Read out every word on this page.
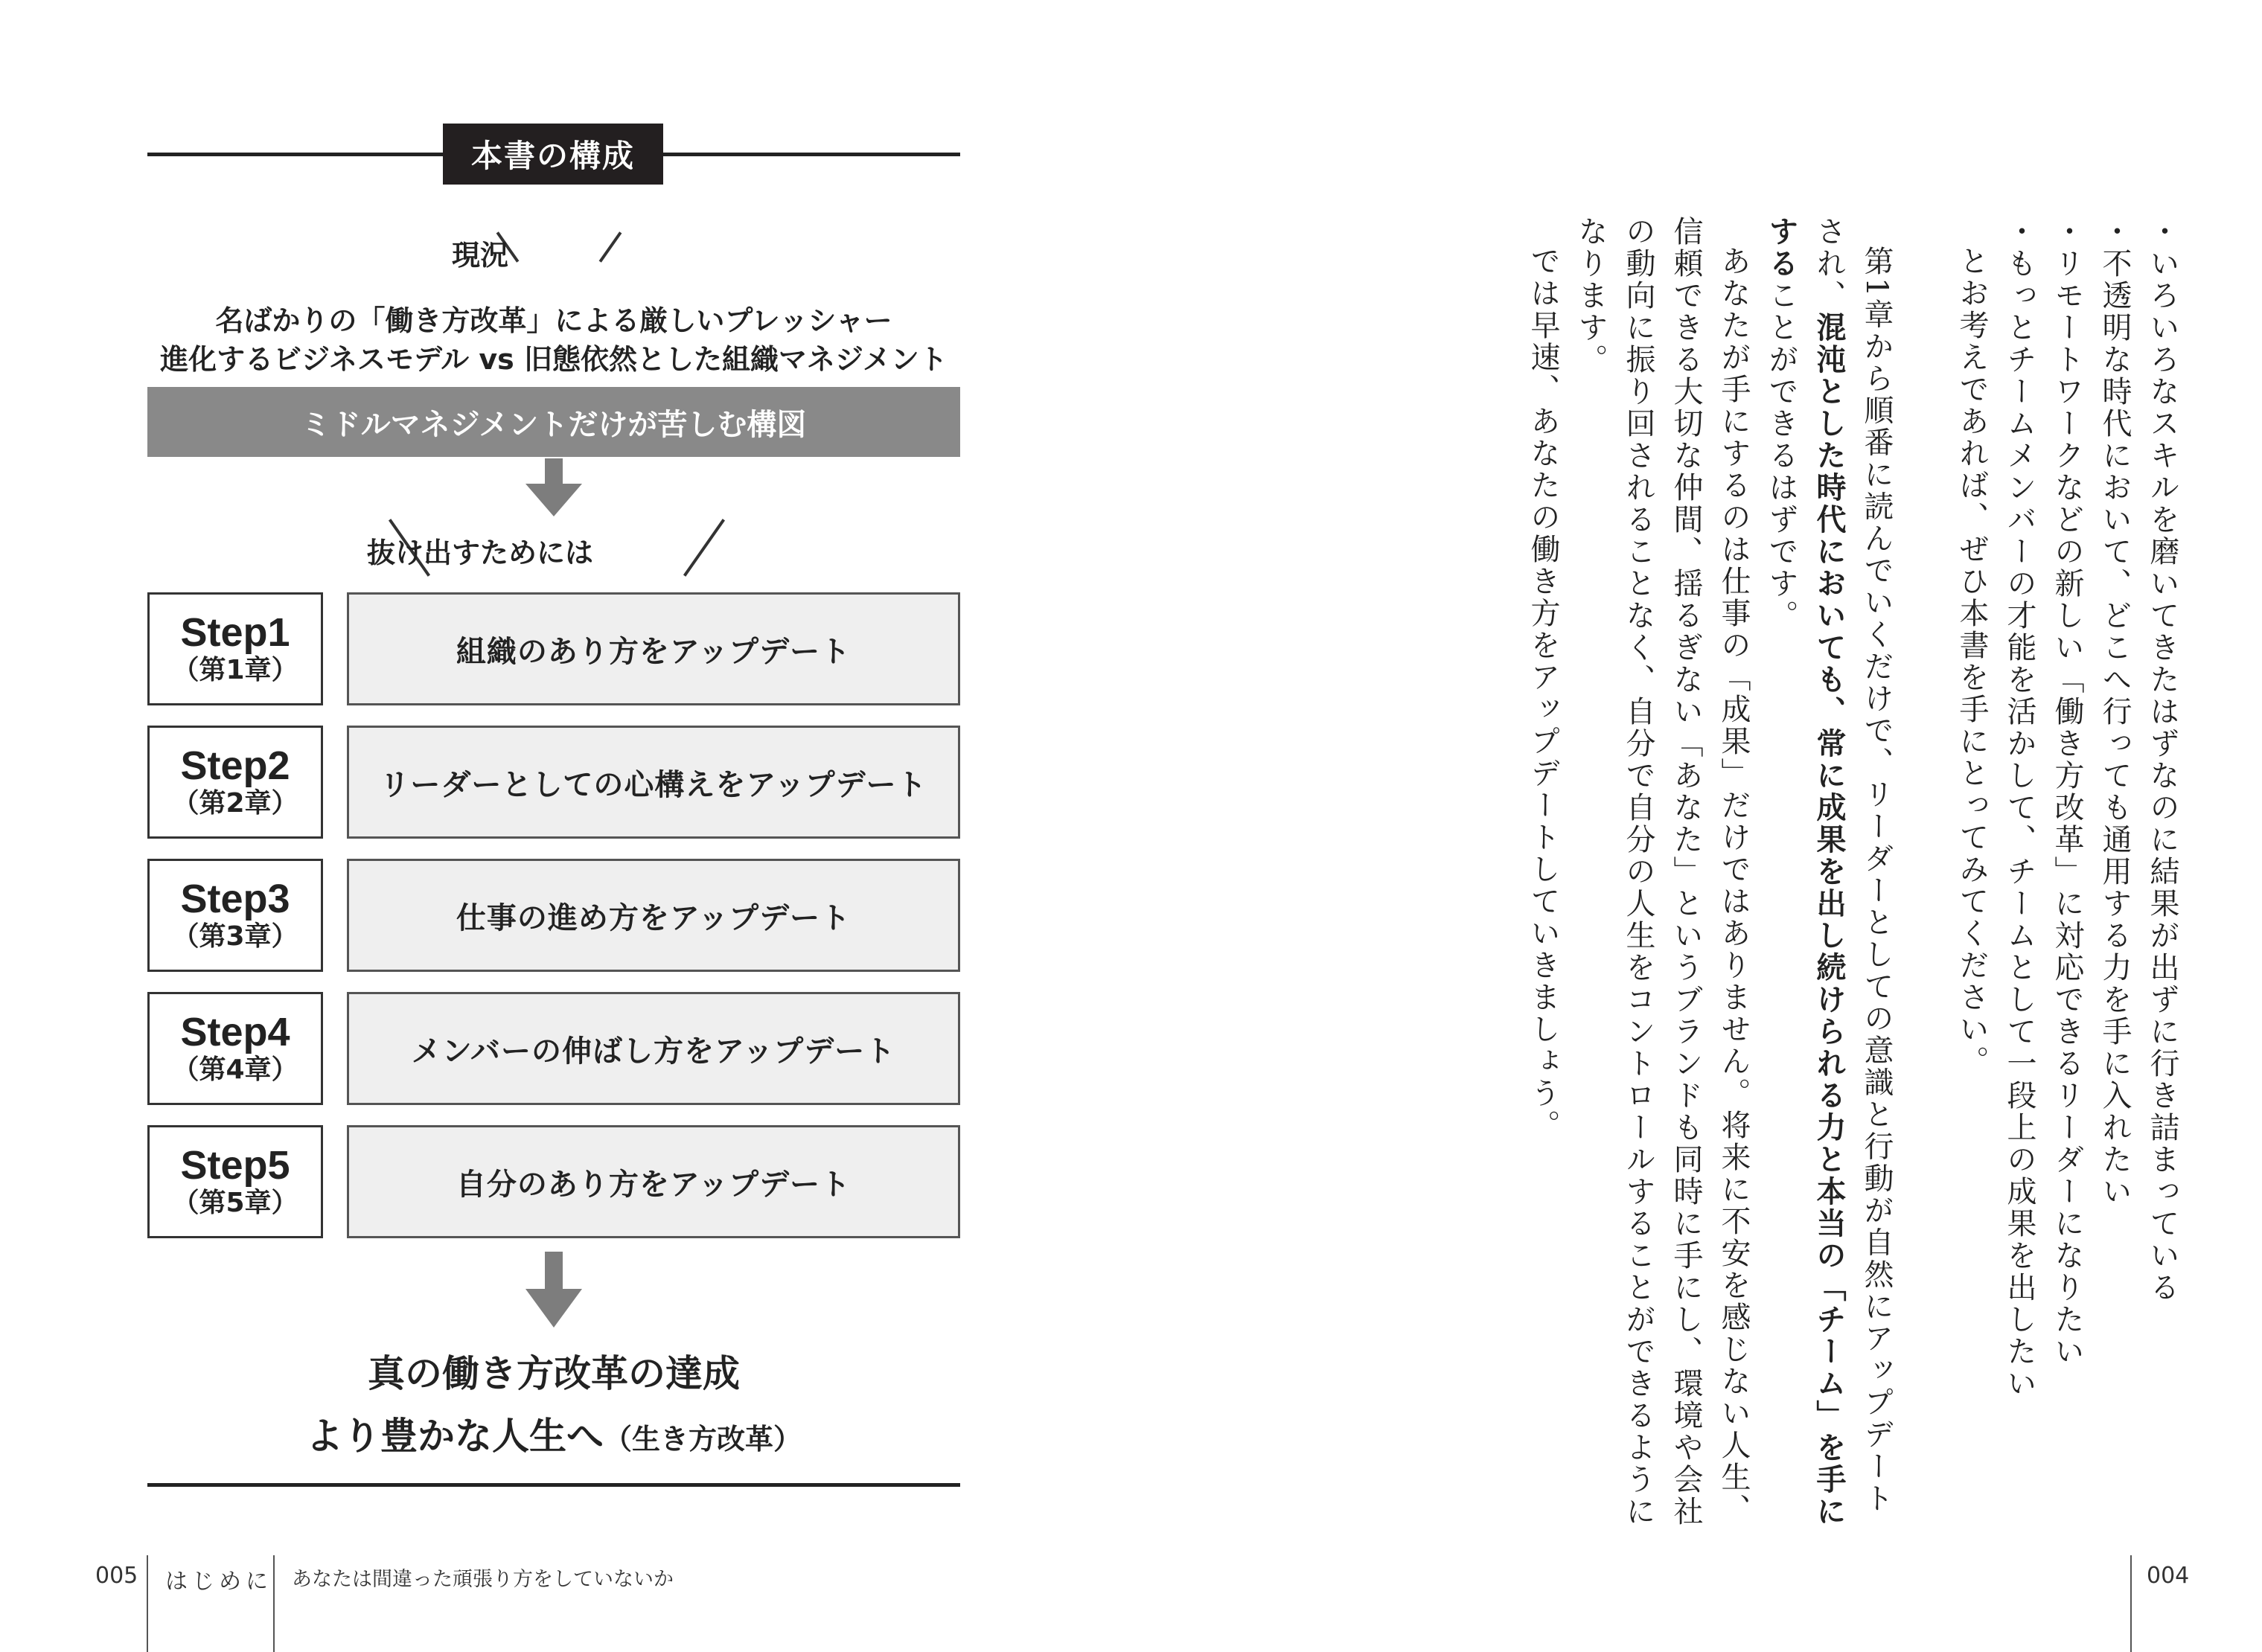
本書の構成
現況
名ばかりの「働き方改革」による厳しいプレッシャー
進化するビジネスモデル vs 旧態依然とした組織マネジメント
ミドルマネジメントだけが苦しむ構図
抜け出すためには
Step1
（第1章）
組織のあり方をアップデート
Step2
（第2章）
リーダーとしての心構えをアップデート
Step3
（第3章）
仕事の進め方をアップデート
Step4
（第4章）
メンバーの伸ばし方をアップデート
Step5
（第5章）
自分のあり方をアップデート
真の働き方改革の達成
より豊かな人生へ（生き方改革）
・いろいろなスキルを磨いてきたはずなのに結果が出ずに行き詰まっている
・不透明な時代において、どこへ行っても通用する力を手に入れたい
・リモートワークなどの新しい「働き方改革」に対応できるリーダーになりたい
・もっとチームメンバーの才能を活かして、チームとして一段上の成果を出したい
とお考えであれば、ぜひ本書を手にとってみてください。
第1章から順番に読んでいくだけで、リーダーとしての意識と行動が自然にアップデート
され、混沌とした時代においても、常に成果を出し続けられる力と本当の「チーム」を手に
することができるはずです。
あなたが手にするのは仕事の「成果」だけではありません。将来に不安を感じない人生、
信頼できる大切な仲間、揺るぎない「あなた」というブランドも同時に手にし、環境や会社
の動向に振り回されることなく、自分で自分の人生をコントロールすることができるように
なります。
では早速、あなたの働き方をアップデートしていきましょう。
005 はじめに あなたは間違った頑張り方をしていないか	004
